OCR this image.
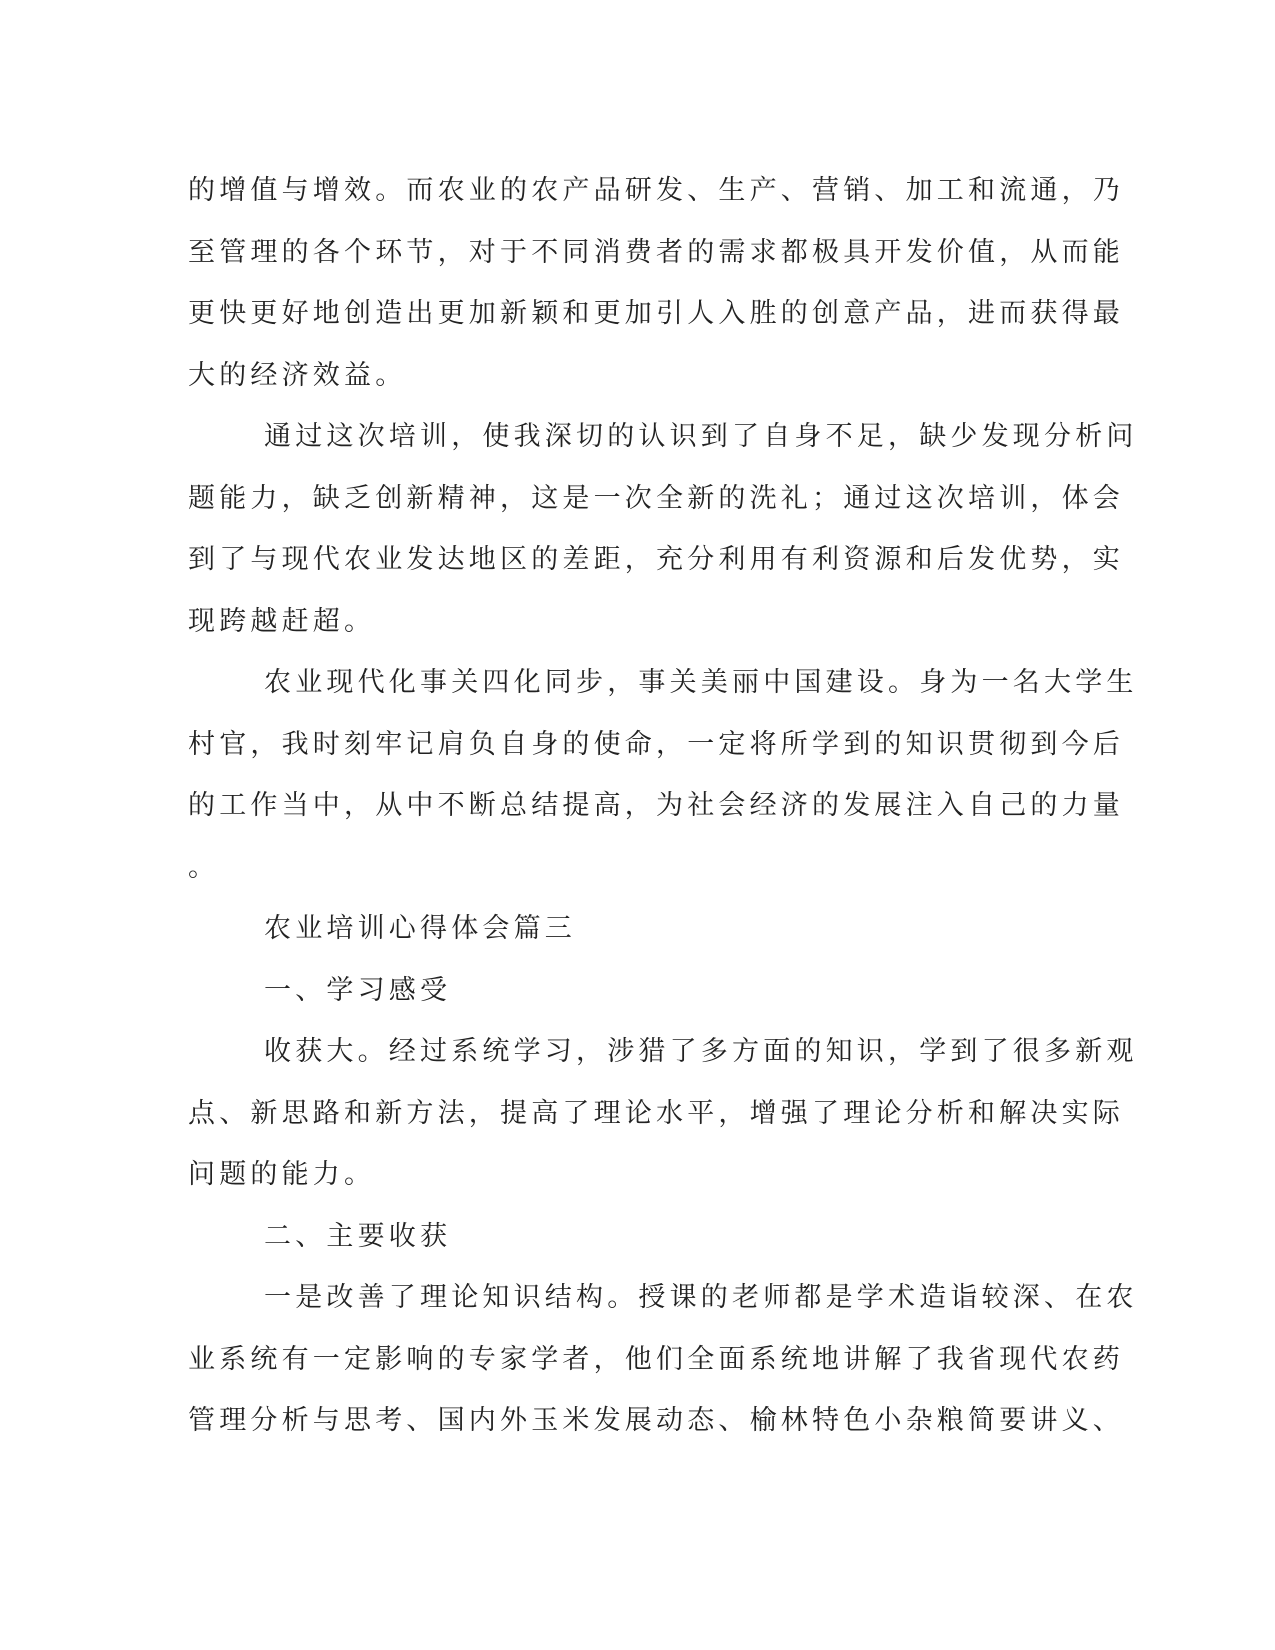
的增值与增效。而农业的农产品研发、生产、营销、加工和流通，乃
至管理的各个环节，对于不同消费者的需求都极具开发价值，从而能
更快更好地创造出更加新颖和更加引人入胜的创意产品，进而获得最
大的经济效益。
通过这次培训，使我深切的认识到了自身不足，缺少发现分析问
题能力，缺乏创新精神，这是一次全新的洗礼；通过这次培训，体会
到了与现代农业发达地区的差距，充分利用有利资源和后发优势，实
现跨越赶超。
农业现代化事关四化同步，事关美丽中国建设。身为一名大学生
村官，我时刻牢记肩负自身的使命，一定将所学到的知识贯彻到今后
的工作当中，从中不断总结提高，为社会经济的发展注入自己的力量
。
农业培训心得体会篇三
一、学习感受
收获大。经过系统学习，涉猎了多方面的知识，学到了很多新观
点、新思路和新方法，提高了理论水平，增强了理论分析和解决实际
问题的能力。
二、主要收获
一是改善了理论知识结构。授课的老师都是学术造诣较深、在农
业系统有一定影响的专家学者，他们全面系统地讲解了我省现代农药
管理分析与思考、国内外玉米发展动态、榆林特色小杂粮简要讲义、
